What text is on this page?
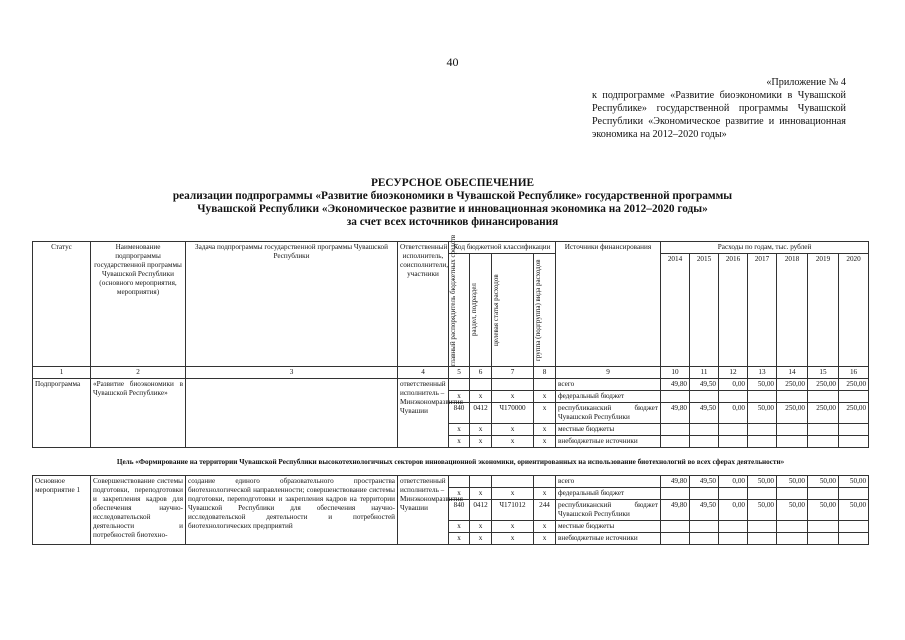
40
«Приложение № 4
к подпрограмме «Развитие биоэкономики в Чувашской Республике» государственной программы Чувашской Республики «Экономическое развитие и инновационная экономика на 2012–2020 годы»
РЕСУРСНОЕ ОБЕСПЕЧЕНИЕ
реализации подпрограммы «Развитие биоэкономики в Чувашской Республике» государственной программы
Чувашской Республики «Экономическое развитие и инновационная экономика на 2012–2020 годы»
за счет всех источников финансирования
Статус	Наименование подпрограммы государственной программы Чувашской Республики (основного мероприятия, мероприятия)	Задача подпрограммы государственной программы Чувашской Республики	Ответственный исполнитель, соисполнители, участники	Код бюджетной классификации				Источники финансирования	Расходы по годам, тыс. рублей						

				главный распорядитель бюджетных средств	раздел, подраздел	целевая статья расходов	группа (подгруппа) вида расходов		2014	2015	2016	2017	2018	2019	2020
1	2	3	4	5	6	7	8	9	10	11	12	13	14	15	16
Подпрограмма	«Развитие биоэкономики в Чувашской Республике»		ответственный исполнитель – Минэкономразвития Чувашии					всего	49,80	49,50	0,00	50,00	250,00	250,00	250,00
				x	x	x	x	федеральный бюджет							
				840	0412	Ч170000	x	республиканский бюджет Чувашской Республики	49,80	49,50	0,00	50,00	250,00	250,00	250,00
				x	x	x	x	местные бюджеты							
				x	x	x	x	внебюджетные источники							
Цель «Формирование на территории Чувашской Республики высокотехнологичных секторов инновационной экономики, ориентированных на использование биотехнологий во всех сферах деятельности»															
Основное мероприятие 1	Совершенствование системы подготовки, переподготовки и закрепления кадров для обеспечения научно-исследовательской деятельности и потребностей биотехно-	создание единого образовательного пространства биотехнологической направленности; совершенствование системы подготовки, переподготовки и закрепления кадров на территории Чувашской Республики для обеспечения научно-исследовательской деятельности и потребностей биотехнологических предприятий	ответственный исполнитель – Минэкономразвития Чувашии					всего	49,80	49,50	0,00	50,00	50,00	50,00	50,00
				x	x	x	x	федеральный бюджет							
				840	0412	Ч171012	244	республиканский бюджет Чувашской Республики	49,80	49,50	0,00	50,00	50,00	50,00	50,00
				x	x	x	x	местные бюджеты							
				x	x	x	x	внебюджетные источники							
